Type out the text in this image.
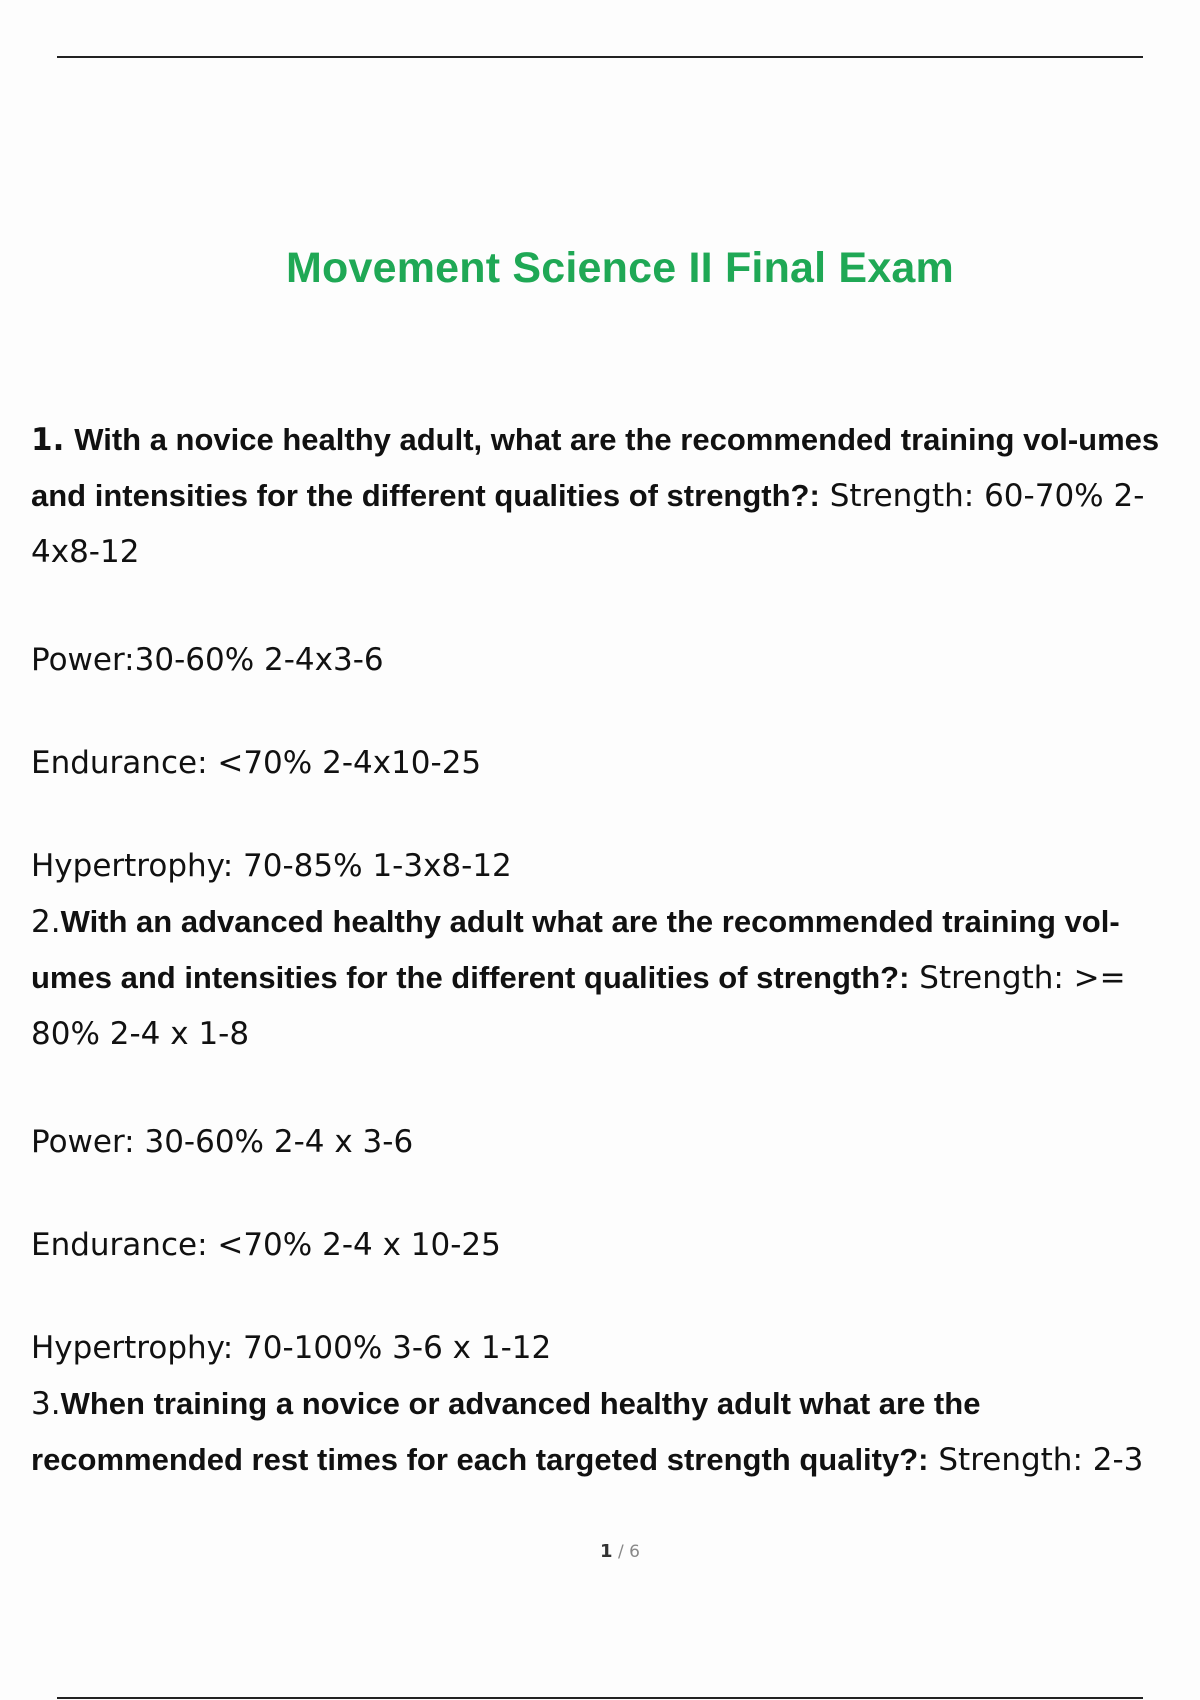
Movement Science II Final Exam

1. With a novice healthy adult, what are the recommended training vol-umes and intensities for the different qualities of strength?: Strength: 60-70% 2-4x8-12

Power:30-60% 2-4x3-6

Endurance: <70% 2-4x10-25

Hypertrophy: 70-85% 1-3x8-12

2.With an advanced healthy adult what are the recommended training vol-umes and intensities for the different qualities of strength?: Strength: >= 80% 2-4 x 1-8

Power: 30-60% 2-4 x 3-6

Endurance: <70% 2-4 x 10-25

Hypertrophy: 70-100% 3-6 x 1-12

3.When training a novice or advanced healthy adult what are the recommended rest times for each targeted strength quality?: Strength: 2-3

1 / 6
